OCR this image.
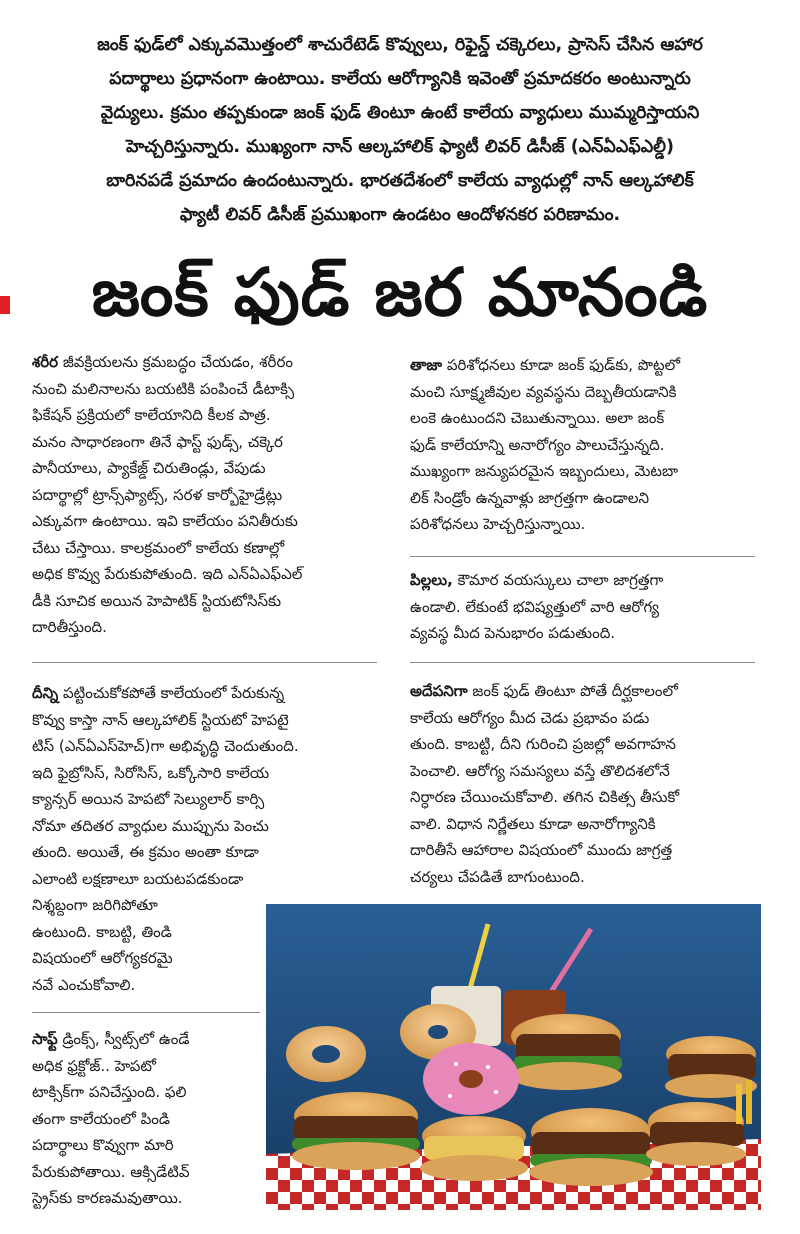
జంక్ ఫుడ్‌లో ఎక్కువమొత్తంలో శాచురేటెడ్ కొవ్వులు, రిఫైన్డ్ చక్కెరలు, ప్రాసెస్ చేసిన ఆహార
పదార్థాలు ప్రధానంగా ఉంటాయి. కాలేయ ఆరోగ్యానికి ఇవెంతో ప్రమాదకరం అంటున్నారు
వైద్యులు. క్రమం తప్పకుండా జంక్ ఫుడ్ తింటూ ఉంటే కాలేయ వ్యాధులు ముమ్మరిస్తాయని
హెచ్చరిస్తున్నారు. ముఖ్యంగా నాన్ ఆల్కహాలిక్ ఫ్యాటీ లివర్ డిసీజ్ (ఎన్ఏఎఫ్ఎల్డీ)
బారినపడే ప్రమాదం ఉందంటున్నారు. భారతదేశంలో కాలేయ వ్యాధుల్లో నాన్ ఆల్కహాలిక్
ఫ్యాటీ లివర్ డిసీజ్ ప్రముఖంగా ఉండటం ఆందోళనకర పరిణామం.
జంక్ ఫుడ్ జర మానండి
శరీర జీవక్రియలను క్రమబద్ధం చేయడం, శరీరం
నుంచి మలినాలను బయటికి పంపించే డీటాక్సి
ఫికేషన్ ప్రక్రియలో కాలేయానిది కీలక పాత్ర.
మనం సాధారణంగా తినే ఫాస్ట్ ఫుడ్స్, చక్కెర
పానీయాలు, ప్యాకేజ్డ్ చిరుతిండ్లు, వేపుడు
పదార్థాల్లో ట్రాన్స్‌ఫ్యాట్స్, సరళ కార్బోహైడ్రేట్లు
ఎక్కువగా ఉంటాయి. ఇవి కాలేయం పనితీరుకు
చేటు చేస్తాయి. కాలక్రమంలో కాలేయ కణాల్లో
అధిక కొవ్వు పేరుకుపోతుంది. ఇది ఎన్ఏఎఫ్ఎల్
డీకి సూచిక అయిన హెపాటిక్ స్టియటోసిస్‌కు
దారితీస్తుంది.
దీన్ని పట్టించుకోకపోతే కాలేయంలో పేరుకున్న
కొవ్వు కాస్తా నాన్ ఆల్కహాలిక్ స్టియటో హెపటై
టిస్ (ఎన్ఏఎస్‌హెచ్)గా అభివృద్ధి చెందుతుంది.
ఇది ఫైబ్రోసిస్, సిరోసిస్, ఒక్కోసారి కాలేయ
క్యాన్సర్ అయిన హెపటో సెల్యులార్ కార్సి
నోమా తదితర వ్యాధుల ముప్పును పెంచు
తుంది. అయితే, ఈ క్రమం అంతా కూడా
ఎలాంటి లక్షణాలూ బయటపడకుండా
నిశ్శబ్దంగా జరిగిపోతూ
ఉంటుంది. కాబట్టి, తిండి
విషయంలో ఆరోగ్యకరమై
నవే ఎంచుకోవాలి.
సాఫ్ట్ డ్రింక్స్, స్వీట్స్‌లో ఉండే
అధిక ఫ్రక్టోజ్.. హెపటో
టాక్సిక్‌గా పనిచేస్తుంది. ఫలి
తంగా కాలేయంలో పిండి
పదార్థాలు కొవ్వుగా మారి
పేరుకుపోతాయి. ఆక్సిడేటివ్
స్ట్రెస్‌కు కారణమవుతాయి.
తాజా పరిశోధనలు కూడా జంక్ ఫుడ్‌కు, పొట్టలో
మంచి సూక్ష్మజీవుల వ్యవస్థను దెబ్బతీయడానికి
లంకె ఉంటుందని చెబుతున్నాయి. అలా జంక్
ఫుడ్ కాలేయాన్ని అనారోగ్యం పాలుచేస్తున్నది.
ముఖ్యంగా జన్యుపరమైన ఇబ్బందులు, మెటబా
లిక్ సిండ్రోం ఉన్నవాళ్లు జాగ్రత్తగా ఉండాలని
పరిశోధనలు హెచ్చరిస్తున్నాయి.
పిల్లలు, కౌమార వయస్కులు చాలా జాగ్రత్తగా
ఉండాలి. లేకుంటే భవిష్యత్తులో వారి ఆరోగ్య
వ్యవస్థ మీద పెనుభారం పడుతుంది.
అదేపనిగా జంక్ ఫుడ్ తింటూ పోతే దీర్ఘకాలంలో
కాలేయ ఆరోగ్యం మీద చెడు ప్రభావం పడు
తుంది. కాబట్టి, దీని గురించి ప్రజల్లో అవగాహన
పెంచాలి. ఆరోగ్య సమస్యలు వస్తే తొలిదశలోనే
నిర్ధారణ చేయించుకోవాలి. తగిన చికిత్స తీసుకో
వాలి. విధాన నిర్ణేతలు కూడా అనారోగ్యానికి
దారితీసే ఆహారాల విషయంలో ముందు జాగ్రత్త
చర్యలు చేపడితే బాగుంటుంది.
